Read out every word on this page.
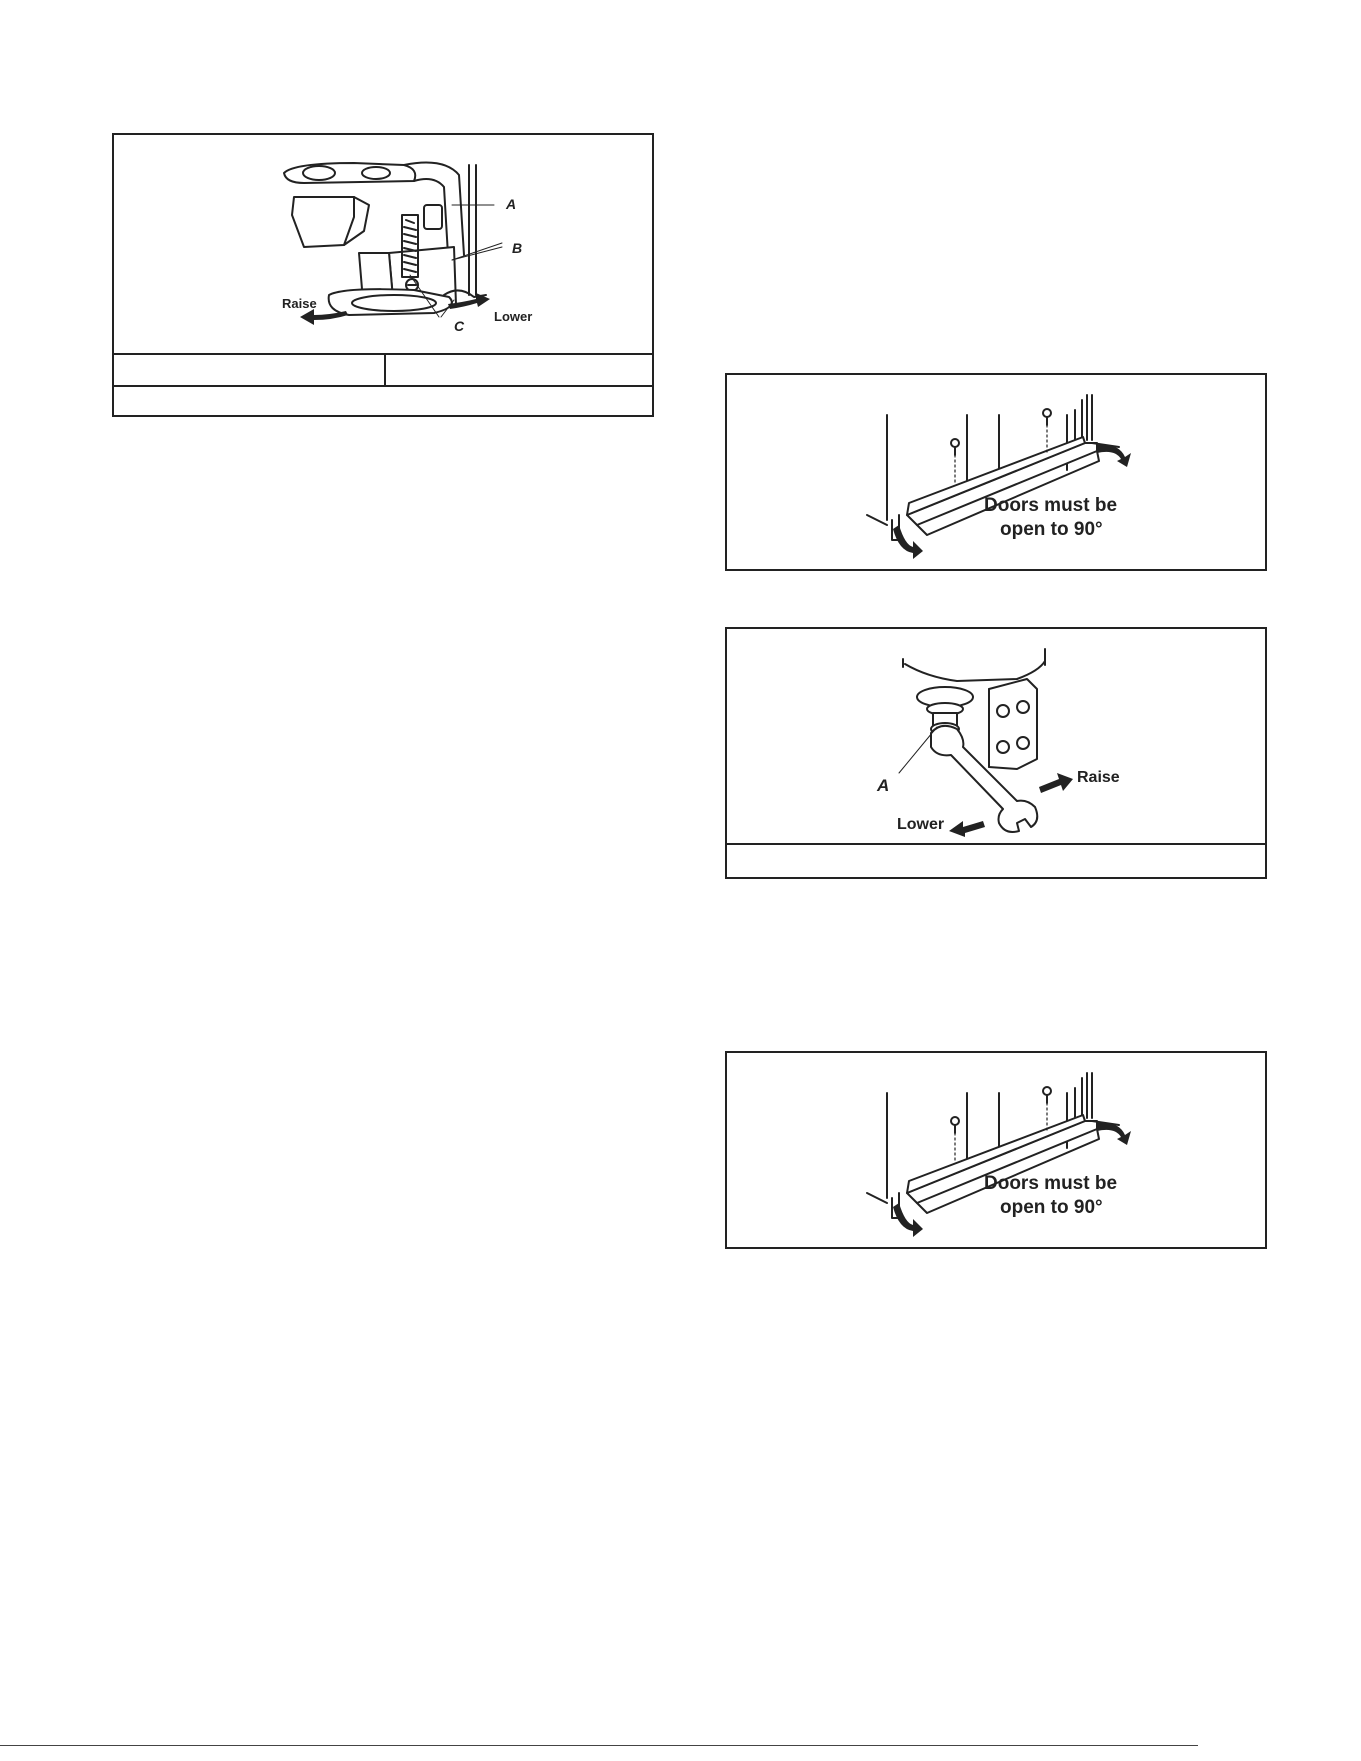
A
B
C
Raise
Lower
Doors must be
open to 90°
A	Raise
Lower
Doors must be
open to 90°
